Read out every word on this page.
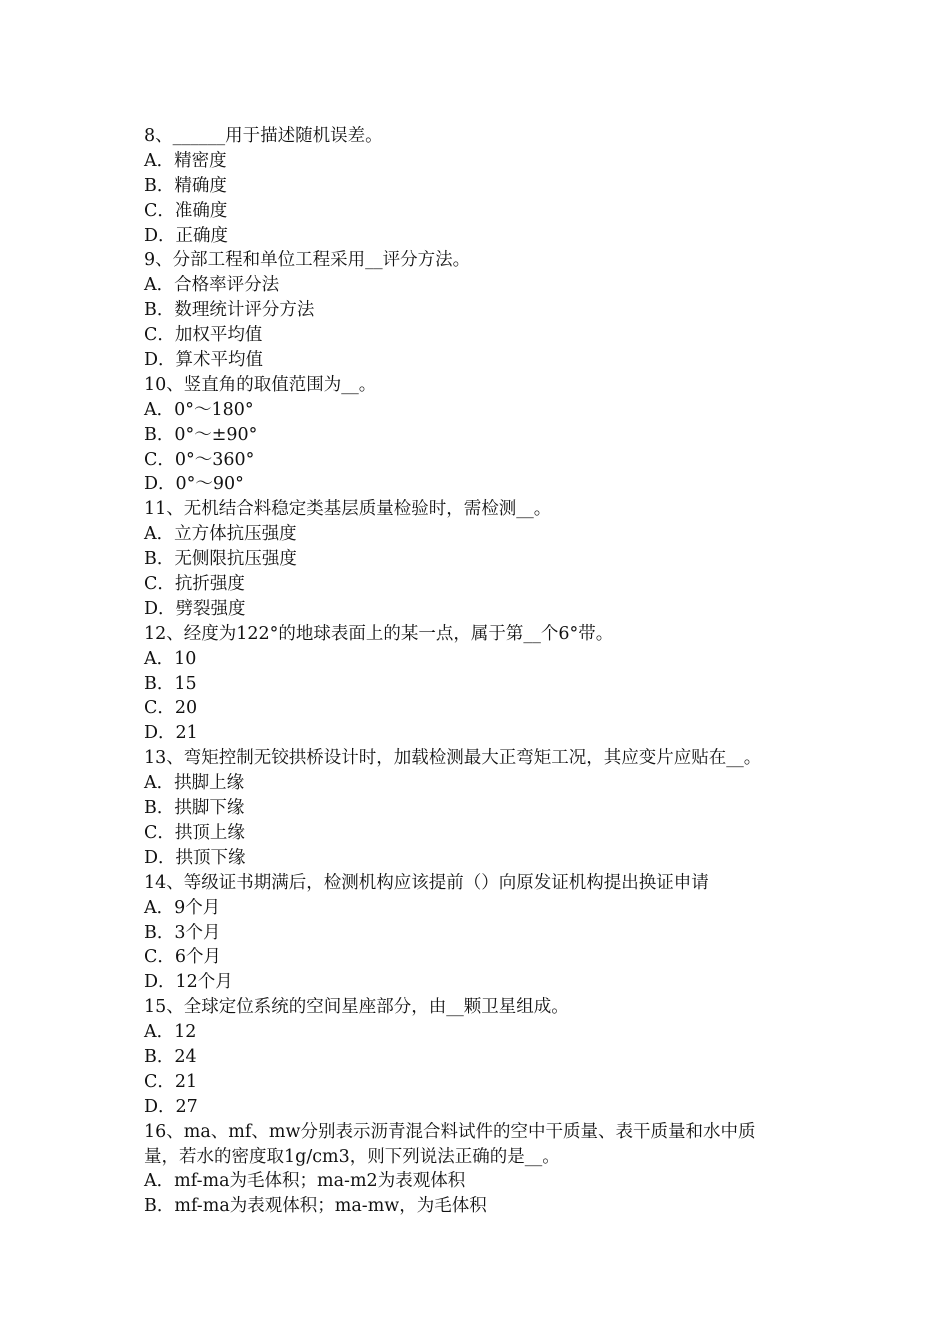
8、______用于描述随机误差。
A．精密度
B．精确度
C．准确度
D．正确度
9、分部工程和单位工程采用__评分方法。
A．合格率评分法
B．数理统计评分方法
C．加权平均值
D．算术平均值
10、竖直角的取值范围为__。
A．0°～180°
B．0°～±90°
C．0°～360°
D．0°～90°
11、无机结合料稳定类基层质量检验时，需检测__。
A．立方体抗压强度
B．无侧限抗压强度
C．抗折强度
D．劈裂强度
12、经度为122°的地球表面上的某一点，属于第__个6°带。
A．10
B．15
C．20
D．21
13、弯矩控制无铰拱桥设计时，加载检测最大正弯矩工况，其应变片应贴在__。
A．拱脚上缘
B．拱脚下缘
C．拱顶上缘
D．拱顶下缘
14、等级证书期满后，检测机构应该提前（）向原发证机构提出换证申请
A．9个月
B．3个月
C．6个月
D．12个月
15、全球定位系统的空间星座部分，由__颗卫星组成。
A．12
B．24
C．21
D．27
16、ma、mf、mw分别表示沥青混合料试件的空中干质量、表干质量和水中质
量，若水的密度取1g/cm3，则下列说法正确的是__。
A．mf-ma为毛体积；ma-m2为表观体积
B．mf-ma为表观体积；ma-mw，为毛体积
